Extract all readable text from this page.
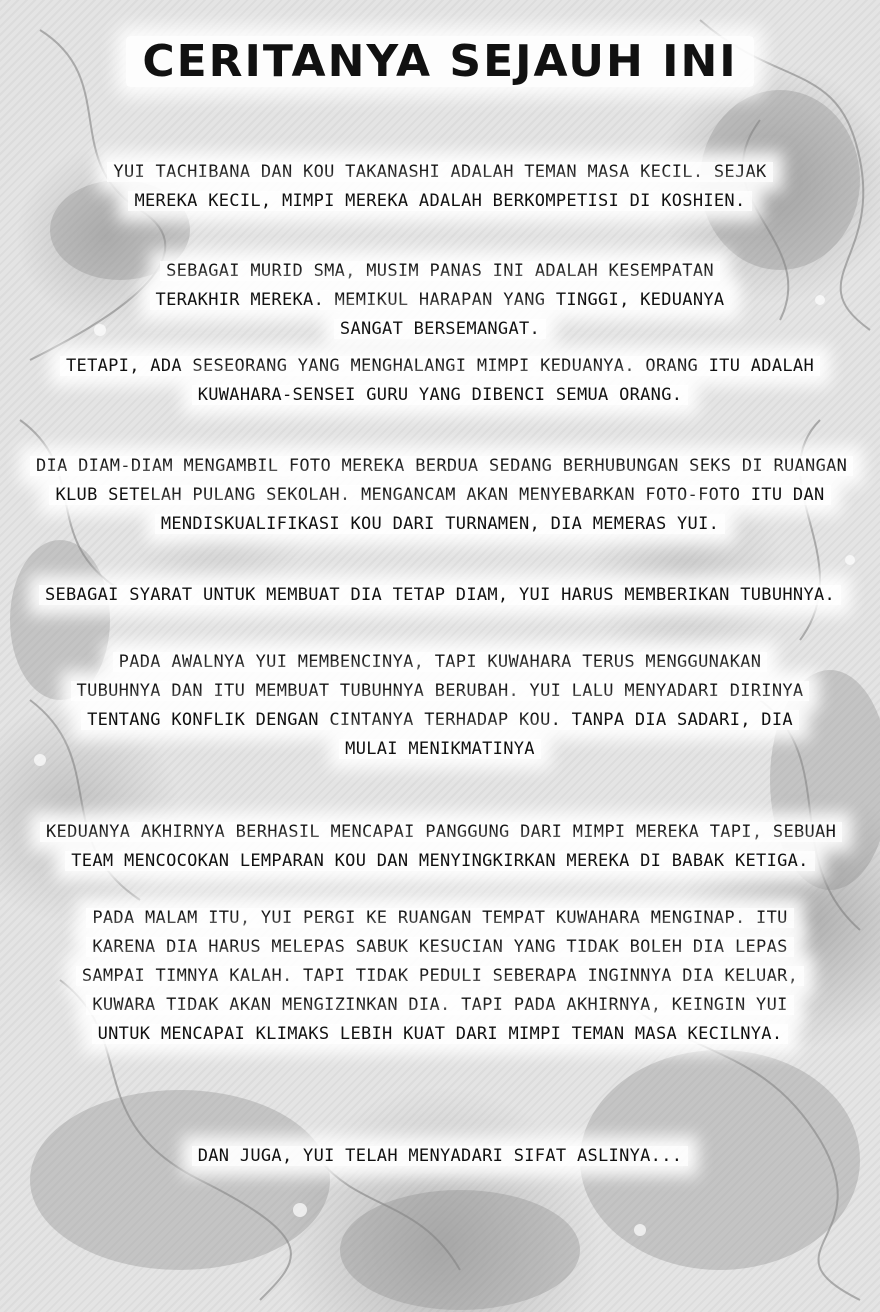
CERITANYA SEJAUH INI
YUI TACHIBANA DAN KOU TAKANASHI ADALAH TEMAN MASA KECIL. SEJAK MEREKA KECIL, MIMPI MEREKA ADALAH BERKOMPETISI DI KOSHIEN.
SEBAGAI MURID SMA, MUSIM PANAS INI ADALAH KESEMPATAN TERAKHIR MEREKA. MEMIKUL HARAPAN YANG TINGGI, KEDUANYA SANGAT BERSEMANGAT.
TETAPI, ADA SESEORANG YANG MENGHALANGI MIMPI KEDUANYA. ORANG ITU ADALAH KUWAHARA-SENSEI GURU YANG DIBENCI SEMUA ORANG.
DIA DIAM-DIAM MENGAMBIL FOTO MEREKA BERDUA SEDANG BERHUBUNGAN SEKS DI RUANGAN KLUB SETELAH PULANG SEKOLAH. MENGANCAM AKAN MENYEBARKAN FOTO-FOTO ITU DAN MENDISKUALIFIKASI KOU DARI TURNAMEN, DIA MEMERAS YUI.
SEBAGAI SYARAT UNTUK MEMBUAT DIA TETAP DIAM, YUI HARUS MEMBERIKAN TUBUHNYA.
PADA AWALNYA YUI MEMBENCINYA, TAPI KUWAHARA TERUS MENGGUNAKAN TUBUHNYA DAN ITU MEMBUAT TUBUHNYA BERUBAH. YUI LALU MENYADARI DIRINYA TENTANG KONFLIK DENGAN CINTANYA TERHADAP KOU. TANPA DIA SADARI, DIA MULAI MENIKMATINYA
KEDUANYA AKHIRNYA BERHASIL MENCAPAI PANGGUNG DARI MIMPI MEREKA TAPI, SEBUAH TEAM MENCOCOKAN LEMPARAN KOU DAN MENYINGKIRKAN MEREKA DI BABAK KETIGA.
PADA MALAM ITU, YUI PERGI KE RUANGAN TEMPAT KUWAHARA MENGINAP. ITU KARENA DIA HARUS MELEPAS SABUK KESUCIAN YANG TIDAK BOLEH DIA LEPAS SAMPAI TIMNYA KALAH. TAPI TIDAK PEDULI SEBERAPA INGINNYA DIA KELUAR, KUWARA TIDAK AKAN MENGIZINKAN DIA. TAPI PADA AKHIRNYA, KEINGIN YUI UNTUK MENCAPAI KLIMAKS LEBIH KUAT DARI MIMPI TEMAN MASA KECILNYA.
DAN JUGA, YUI TELAH MENYADARI SIFAT ASLINYA...
